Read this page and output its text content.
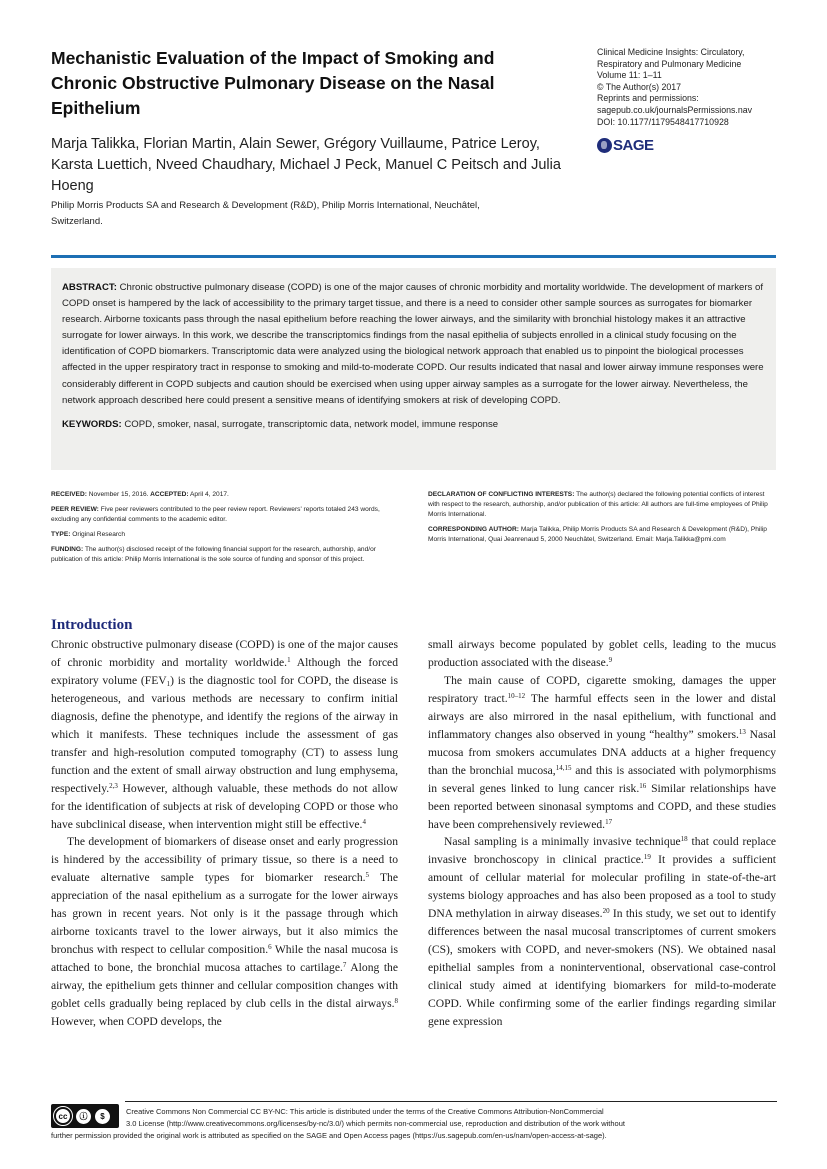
Mechanistic Evaluation of the Impact of Smoking and Chronic Obstructive Pulmonary Disease on the Nasal Epithelium
Marja Talikka, Florian Martin, Alain Sewer, Grégory Vuillaume, Patrice Leroy, Karsta Luettich, Nveed Chaudhary, Michael J Peck, Manuel C Peitsch and Julia Hoeng
Philip Morris Products SA and Research & Development (R&D), Philip Morris International, Neuchâtel, Switzerland.
Clinical Medicine Insights: Circulatory,
Respiratory and Pulmonary Medicine
Volume 11: 1–11
© The Author(s) 2017
Reprints and permissions:
sagepub.co.uk/journalsPermissions.nav
DOI: 10.1177/1179548417710928
SAGE

ABSTRACT: Chronic obstructive pulmonary disease (COPD) is one of the major causes of chronic morbidity and mortality worldwide. The development of markers of COPD onset is hampered by the lack of accessibility to the primary target tissue, and there is a need to consider other sample sources as surrogates for biomarker research. Airborne toxicants pass through the nasal epithelium before reaching the lower airways, and the similarity with bronchial histology makes it an attractive surrogate for lower airways. In this work, we describe the transcriptomics findings from the nasal epithelia of subjects enrolled in a clinical study focusing on the identification of COPD biomarkers. Transcriptomic data were analyzed using the biological network approach that enabled us to pinpoint the biological processes affected in the upper respiratory tract in response to smoking and mild-to-moderate COPD. Our results indicated that nasal and lower airway immune responses were considerably different in COPD subjects and caution should be exercised when using upper airway samples as a surrogate for the lower airway. Nevertheless, the network approach described here could present a sensitive means of identifying smokers at risk of developing COPD.

KEYWORDS: COPD, smoker, nasal, surrogate, transcriptomic data, network model, immune response

RECEIVED: November 15, 2016. ACCEPTED: April 4, 2017.

PEER REVIEW: Five peer reviewers contributed to the peer review report. Reviewers' reports totaled 243 words, excluding any confidential comments to the academic editor.

TYPE: Original Research

FUNDING: The author(s) disclosed receipt of the following financial support for the research, authorship, and/or publication of this article: Philip Morris International is the sole source of funding and sponsor of this project.

DECLARATION OF CONFLICTING INTERESTS: The author(s) declared the following potential conflicts of interest with respect to the research, authorship, and/or publication of this article: All authors are full-time employees of Philip Morris International.

CORRESPONDING AUTHOR: Marja Talikka, Philip Morris Products SA and Research & Development (R&D), Philip Morris International, Quai Jeanrenaud 5, 2000 Neuchâtel, Switzerland. Email: Marja.Talikka@pmi.com

Introduction

Chronic obstructive pulmonary disease (COPD) is one of the major causes of chronic morbidity and mortality worldwide.$^1$ Although the forced expiratory volume $(FEV_1)$ is the diagnostic tool for COPD, the disease is heterogeneous, and various methods are necessary to confirm initial diagnosis, define the phenotype, and identify the regions of the airway in which it manifests. These techniques include the assessment of gas transfer and high-resolution computed tomography (CT) to assess lung function and the extent of small airway obstruction and lung emphysema, respectively.$^{2,3}$ However, although valuable, these methods do not allow for the identification of subjects at risk of developing COPD or those who have subclinical disease, when intervention might still be effective.$^4$

The development of biomarkers of disease onset and early progression is hindered by the accessibility of primary tissue, so there is a need to evaluate alternative sample types for biomarker research.$^5$ The appreciation of the nasal epithelium as a surrogate for the lower airways has grown in recent years. Not only is it the passage through which airborne toxicants travel to the lower airways, but it also mimics the bronchus with respect to cellular composition.$^6$ While the nasal mucosa is attached to bone, the bronchial mucosa attaches to cartilage.$^7$ Along the airway, the epithelium gets thinner and cellular composition changes with goblet cells gradually being replaced by club cells in the distal airways.$^8$ However, when COPD develops, the

small airways become populated by goblet cells, leading to the mucus production associated with the disease.$^9$

The main cause of COPD, cigarette smoking, damages the upper respiratory tract.$^{10-12}$ The harmful effects seen in the lower and distal airways are also mirrored in the nasal epithelium, with functional and inflammatory changes also observed in young “healthy” smokers.$^{13}$ Nasal mucosa from smokers accumulates DNA adducts at a higher frequency than the bronchial mucosa,$^{14,15}$ and this is associated with polymorphisms in several genes linked to lung cancer risk.$^{16}$ Similar relationships have been reported between sinonasal symptoms and COPD, and these studies have been comprehensively reviewed.$^{17}$

Nasal sampling is a minimally invasive technique$^{18}$ that could replace invasive bronchoscopy in clinical practice.$^{19}$ It provides a sufficient amount of cellular material for molecular profiling in state-of-the-art systems biology approaches and has also been proposed as a tool to study DNA methylation in airway diseases.$^{20}$ In this study, we set out to identify differences between the nasal mucosal transcriptomes of current smokers (CS), smokers with COPD, and never-smokers (NS). We obtained nasal epithelial samples from a noninterventional, observational case-control clinical study aimed at identifying biomarkers for mild-to-moderate COPD. While confirming some of the earlier findings regarding similar gene expression

cc	ⓘ	$	Creative Commons Non Commercial CC BY-NC: This article is distributed under the terms of the Creative Commons Attribution-NonCommercial
3.0 License (http://www.creativecommons.org/licenses/by-nc/3.0/) which permits non-commercial use, reproduction and distribution of the work without
further permission provided the original work is attributed as specified on the SAGE and Open Access pages (https://us.sagepub.com/en-us/nam/open-access-at-sage).
